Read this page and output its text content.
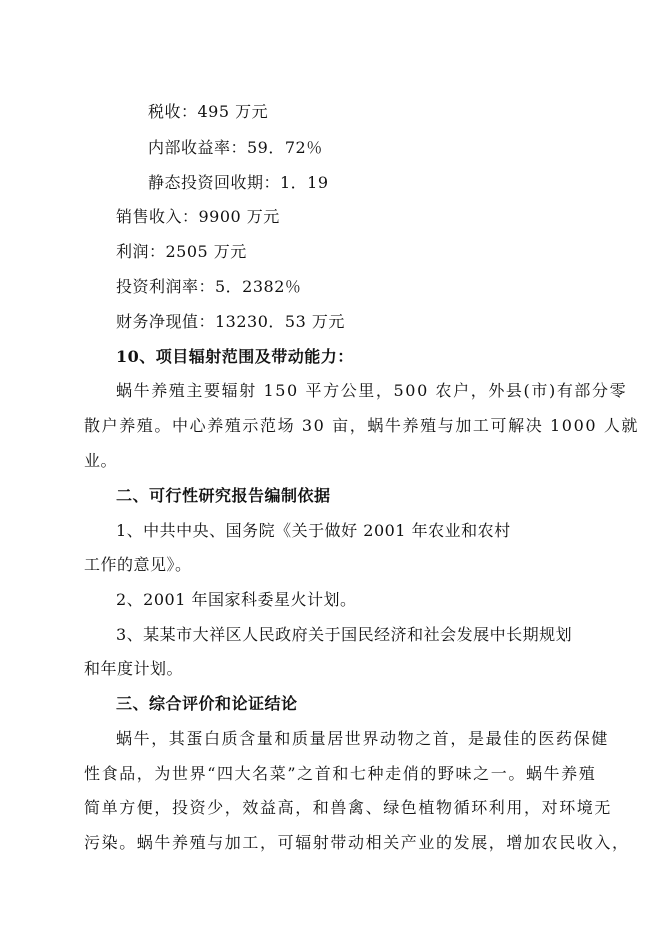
税收：495 万元
内部收益率：59．72％
静态投资回收期：1．19
销售收入：9900 万元
利润：2505 万元
投资利润率：5．2382％
财务净现值：13230．53 万元
10、项目辐射范围及带动能力：
蜗牛养殖主要辐射 150 平方公里，500 农户，外县(市)有部分零
散户养殖。中心养殖示范场 30 亩，蜗牛养殖与加工可解决 1000 人就
业。
二、可行性研究报告编制依据
1、中共中央、国务院《关于做好 2001 年农业和农村
工作的意见》。
2、2001 年国家科委星火计划。
3、某某市大祥区人民政府关于国民经济和社会发展中长期规划
和年度计划。
三、综合评价和论证结论
蜗牛，其蛋白质含量和质量居世界动物之首，是最佳的医药保健
性食品，为世界“四大名菜”之首和七种走俏的野味之一。蜗牛养殖
简单方便，投资少，效益高，和兽禽、绿色植物循环利用，对环境无
污染。蜗牛养殖与加工，可辐射带动相关产业的发展，增加农民收入，
